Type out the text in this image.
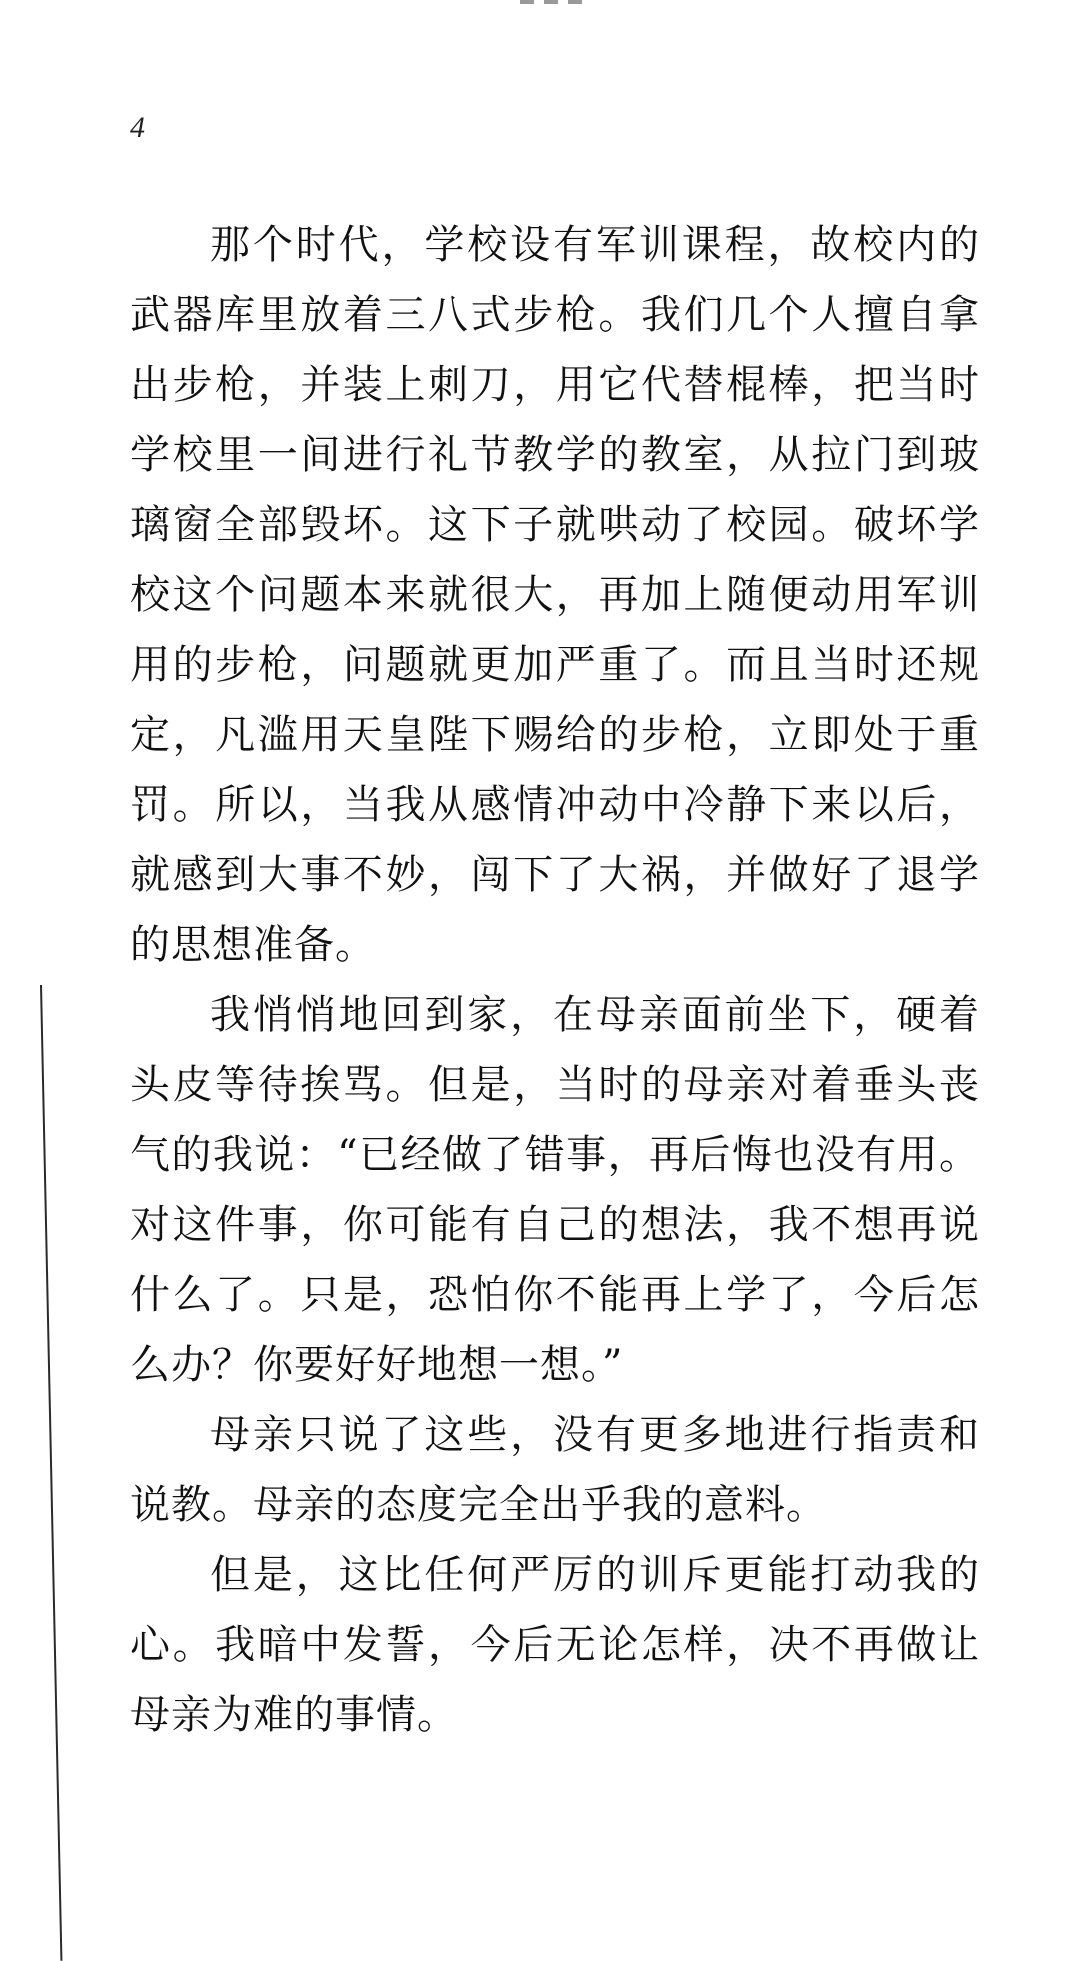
4

那个时代，学校设有军训课程，故校内的武器库里放着三八式步枪。我们几个人擅自拿出步枪，并装上刺刀，用它代替棍棒，把当时学校里一间进行礼节教学的教室，从拉门到玻璃窗全部毁坏。这下子就哄动了校园。破坏学校这个问题本来就很大，再加上随便动用军训用的步枪，问题就更加严重了。而且当时还规定，凡滥用天皇陛下赐给的步枪，立即处于重罚。所以，当我从感情冲动中冷静下来以后，就感到大事不妙，闯下了大祸，并做好了退学的思想准备。

我悄悄地回到家，在母亲面前坐下，硬着头皮等待挨骂。但是，当时的母亲对着垂头丧气的我说：“已经做了错事，再后悔也没有用。对这件事，你可能有自己的想法，我不想再说什么了。只是，恐怕你不能再上学了，今后怎么办？你要好好地想一想。”

母亲只说了这些，没有更多地进行指责和说教。母亲的态度完全出乎我的意料。

但是，这比任何严厉的训斥更能打动我的心。我暗中发誓，今后无论怎样，决不再做让母亲为难的事情。
